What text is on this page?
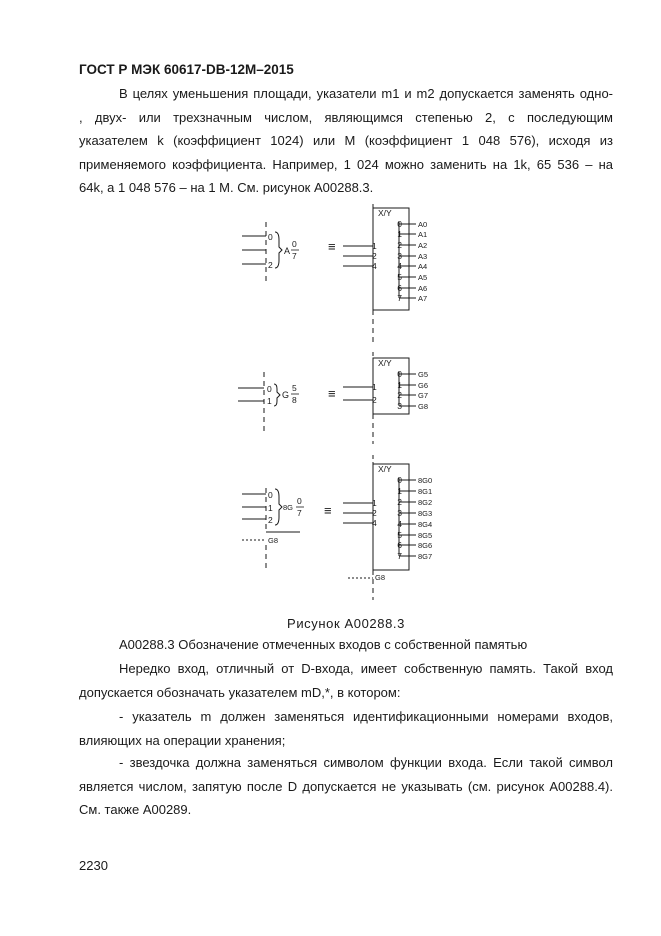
ГОСТ Р МЭК 60617-DB-12M–2015
В целях уменьшения площади, указатели m1 и m2 допускается заменять одно-
, двух- или трехзначным числом, являющимся степенью 2, с последующим
указателем k (коэффициент 1024) или M (коэффициент 1 048 576), исходя из
применяемого коэффициента. Например, 1 024 можно заменить на 1k, 65 536 – на
64k, а 1 048 576 – на 1 M. См. рисунок A00288.3.
0
2
A
0
7
≡
X/Y
1
2
4
0
1
2
3
4
5
6
7
A0
A1
A2
A3
A4
A5
A6
A7
0
1
G
5
8 ≡
X/Y
1
2
0
1
2
3
G5
G6
G7
G8
0
1
2
8G
0
7
G8
≡
X/Y
1
2
4
0
1
2
3
4
5
6
7
8G0
8G1
8G2
8G3
8G4
8G5
8G6
8G7
G8
Рисунок A00288.3
A00288.3 Обозначение отмеченных входов с собственной памятью
Нередко вход, отличный от D-входа, имеет собственную память. Такой вход
допускается обозначать указателем mD,*, в котором:
- указатель m должен заменяться идентификационными номерами входов,
влияющих на операции хранения;
- звездочка должна заменяться символом функции входа. Если такой символ
является числом, запятую после D допускается не указывать (см. рисунок A00288.4).
См. также A00289.
2230
